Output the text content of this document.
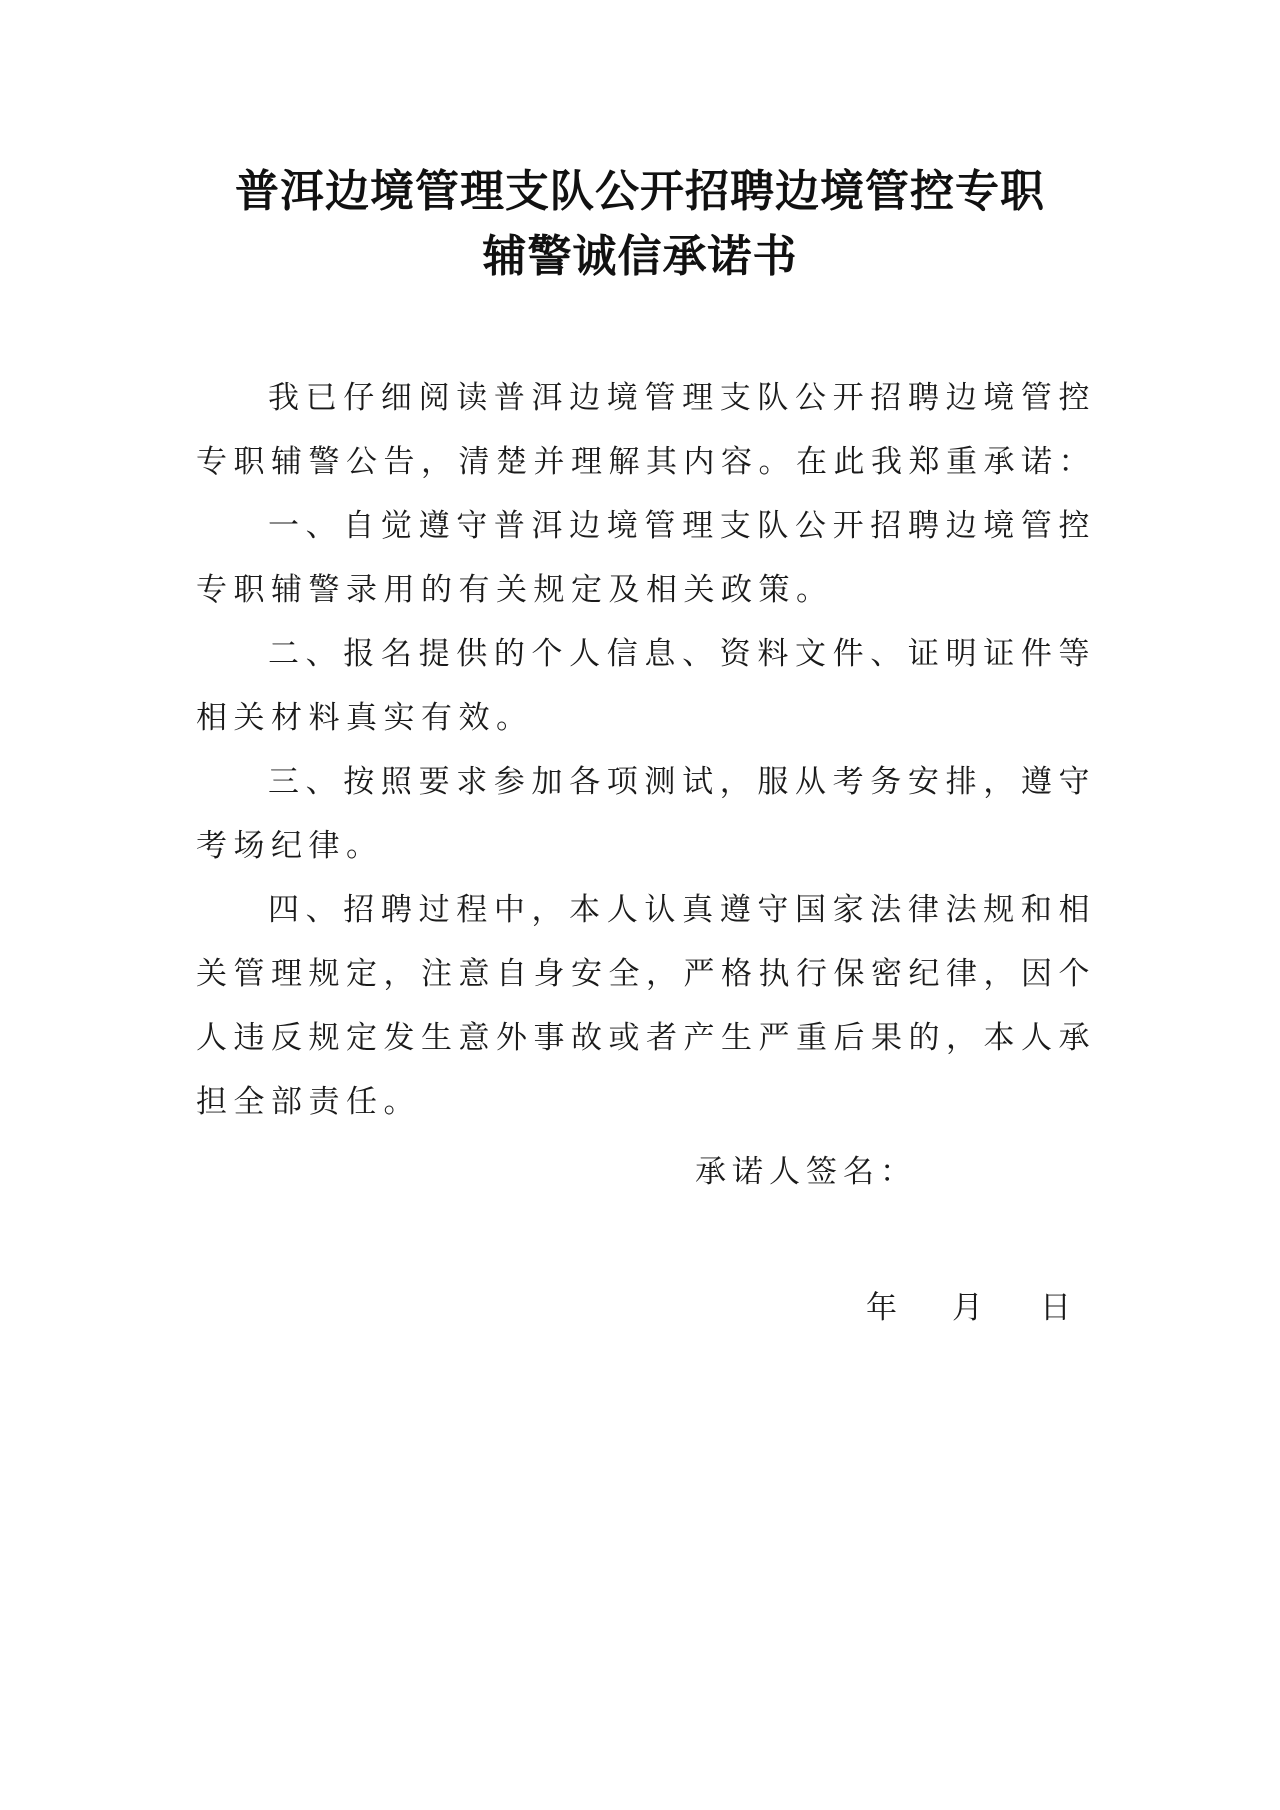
普洱边境管理支队公开招聘边境管控专职
辅警诚信承诺书

我已仔细阅读普洱边境管理支队公开招聘边境管控专职辅警公告，清楚并理解其内容。在此我郑重承诺：

一、自觉遵守普洱边境管理支队公开招聘边境管控专职辅警录用的有关规定及相关政策。

二、报名提供的个人信息、资料文件、证明证件等相关材料真实有效。

三、按照要求参加各项测试，服从考务安排，遵守考场纪律。

四、招聘过程中，本人认真遵守国家法律法规和相关管理规定，注意自身安全，严格执行保密纪律，因个人违反规定发生意外事故或者产生严重后果的，本人承担全部责任。

承诺人签名：
年 月 日
